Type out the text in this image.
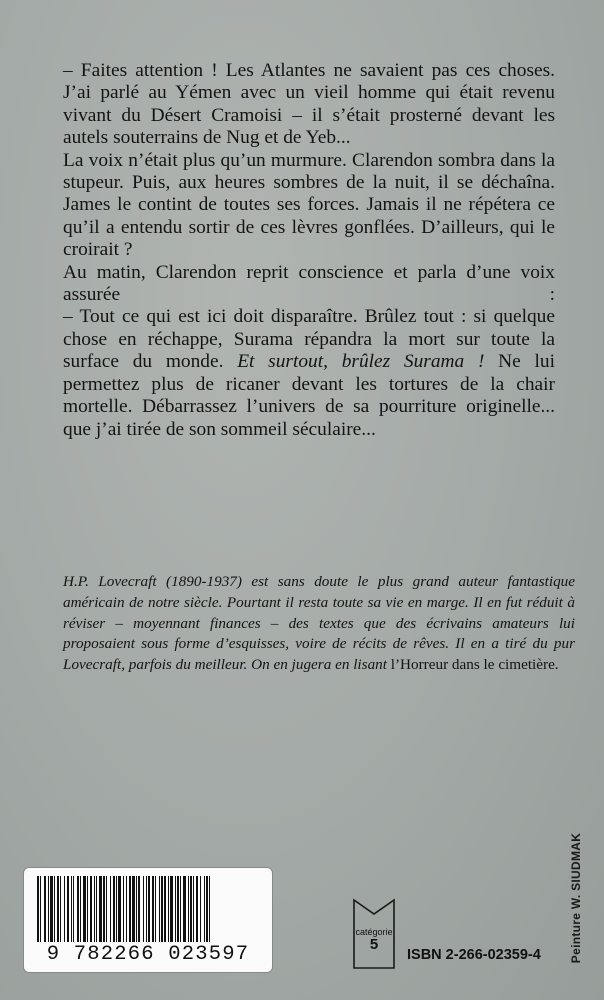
– Faites attention ! Les Atlantes ne savaient pas ces choses. J’ai parlé au Yémen avec un vieil homme qui était revenu vivant du Désert Cramoisi – il s’était prosterné devant les autels souterrains de Nug et de Yeb...

La voix n’était plus qu’un murmure. Clarendon sombra dans la stupeur. Puis, aux heures sombres de la nuit, il se déchaîna. James le contint de toutes ses forces. Jamais il ne répétera ce qu’il a entendu sortir de ces lèvres gonflées. D’ailleurs, qui le croirait ?

Au matin, Clarendon reprit conscience et parla d’une voix assurée :

– Tout ce qui est ici doit disparaître. Brûlez tout : si quelque chose en réchappe, Surama répandra la mort sur toute la surface du monde. Et surtout, brûlez Surama ! Ne lui permettez plus de ricaner devant les tortures de la chair mortelle. Débarrassez l’univers de sa pourriture originelle... que j’ai tirée de son sommeil séculaire...

H.P. Lovecraft (1890-1937) est sans doute le plus grand auteur fantastique américain de notre siècle. Pourtant il resta toute sa vie en marge. Il en fut réduit à réviser – moyennant finances – des textes que des écrivains amateurs lui proposaient sous forme d’esquisses, voire de récits de rêves. Il en a tiré du pur Lovecraft, parfois du meilleur. On en jugera en lisant l’Horreur dans le cimetière.
Peinture W. SIUDMAK
9 782266 023597
catégorie
5
ISBN 2-266-02359-4
